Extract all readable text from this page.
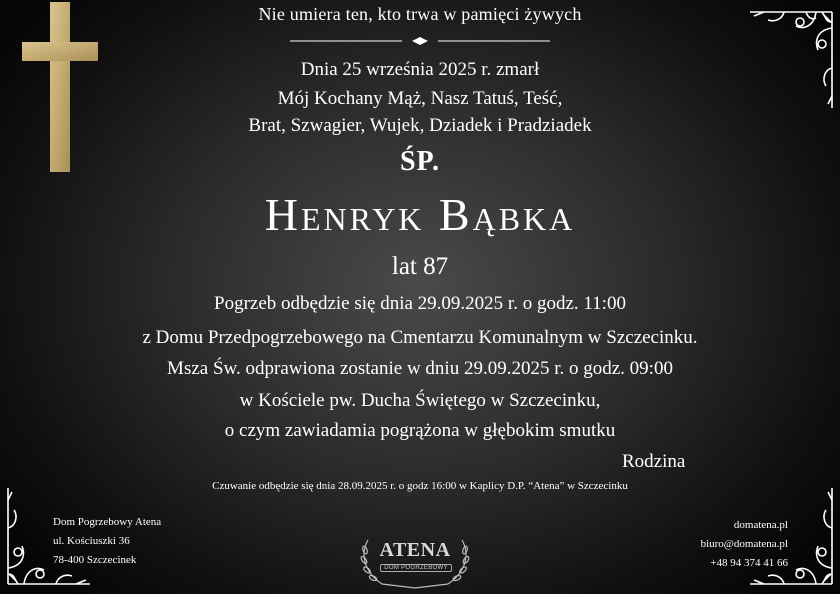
Nie umiera ten, kto trwa w pamięci żywych
Dnia 25 września 2025 r. zmarł
Mój Kochany Mąż, Nasz Tatuś, Teść,
Brat, Szwagier, Wujek, Dziadek i Pradziadek
ŚP.
Henryk Bąbka
lat 87
Pogrzeb odbędzie się dnia 29.09.2025 r. o godz. 11:00
z Domu Przedpogrzebowego na Cmentarzu Komunalnym w Szczecinku.
Msza Św. odprawiona zostanie w dniu 29.09.2025 r. o godz. 09:00
w Kościele pw. Ducha Świętego w Szczecinku,
o czym zawiadamia pogrążona w głębokim smutku
Rodzina
Czuwanie odbędzie się dnia 28.09.2025 r. o godz 16:00 w Kaplicy D.P. “Atena” w Szczecinku
Dom Pogrzebowy Atena
ul. Kościuszki 36
78-400 Szczecinek	ATENA
DOM POGRZEBOWY
domatena.pl
biuro@domatena.pl
+48 94 374 41 66
